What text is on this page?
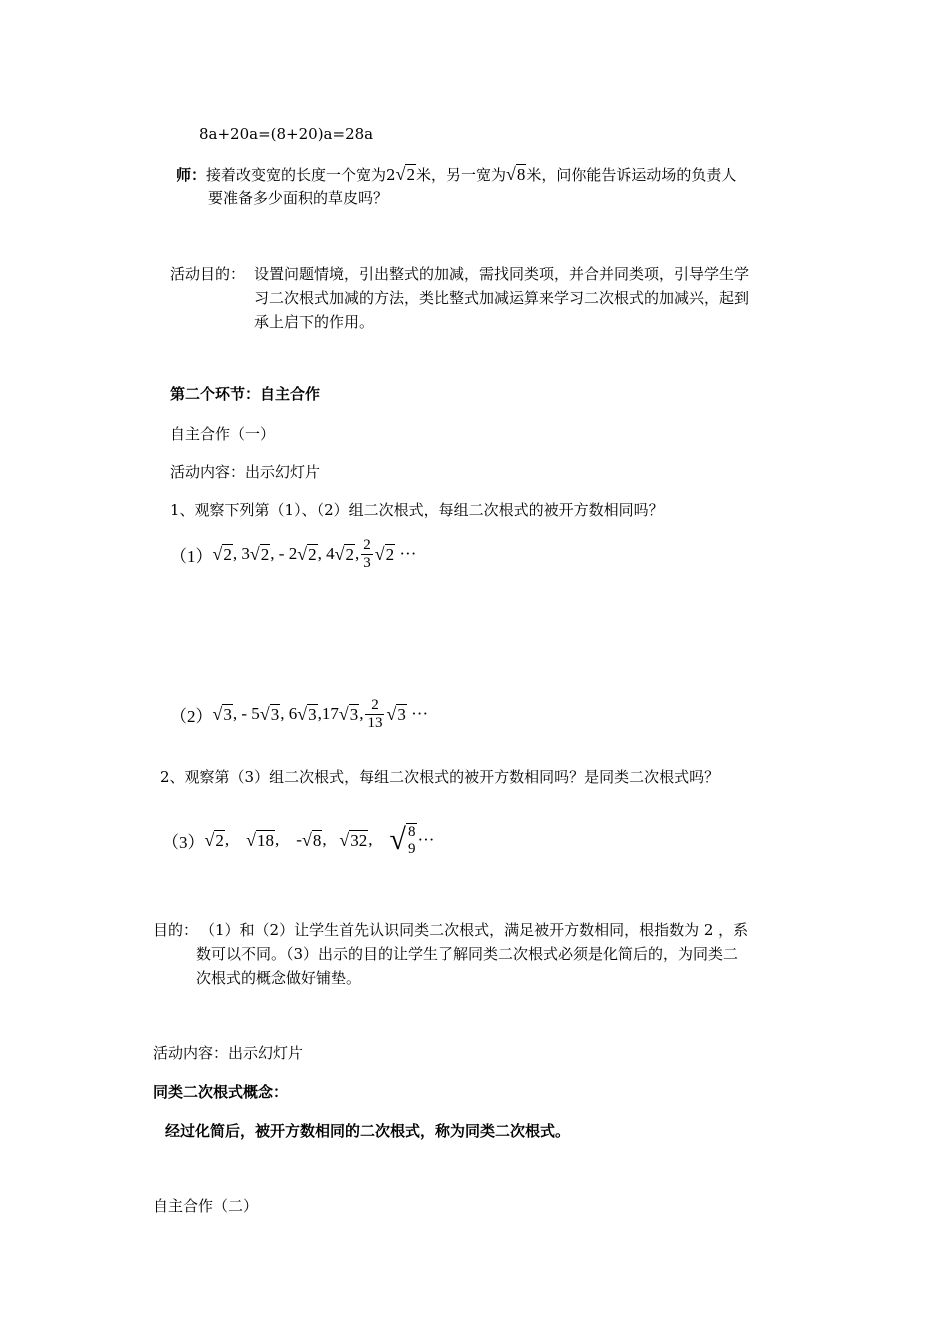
8a+20a=(8+20)a=28a
师：接着改变宽的长度一个宽为2√2米，另一宽为√8米，问你能告诉运动场的负责人
要准备多少面积的草皮吗？
活动目的： 设置问题情境，引出整式的加减，需找同类项，并合并同类项，引导学生学
习二次根式加减的方法，类比整式加减运算来学习二次根式的加减兴，起到
承上启下的作用。
第二个环节：自主合作
自主合作（一）
活动内容：出示幻灯片
1、观察下列第（1）、（2）组二次根式，每组二次根式的被开方数相同吗？
（1） √2 , 3 √2 , - 2 √2 , 4 √2 , $\frac{2}{3} √2$ ···
（2） √3 , - 5 √3 , 6 √3 ,17 √3 , $\frac{2}{13} √3$ ···
2、观察第（3）组二次根式，每组二次根式的被开方数相同吗？是同类二次根式吗？
（3） √2 , √18 ,    - √8 , √32 , √ 8
9 ···
目的： （1）和（2）让学生首先认识同类二次根式，满足被开方数相同，根指数为 2 ，系
数可以不同。（3）出示的目的让学生了解同类二次根式必须是化简后的，为同类二
次根式的概念做好铺垫。
活动内容：出示幻灯片
同类二次根式概念：
经过化简后，被开方数相同的二次根式，称为同类二次根式。
自主合作（二）
